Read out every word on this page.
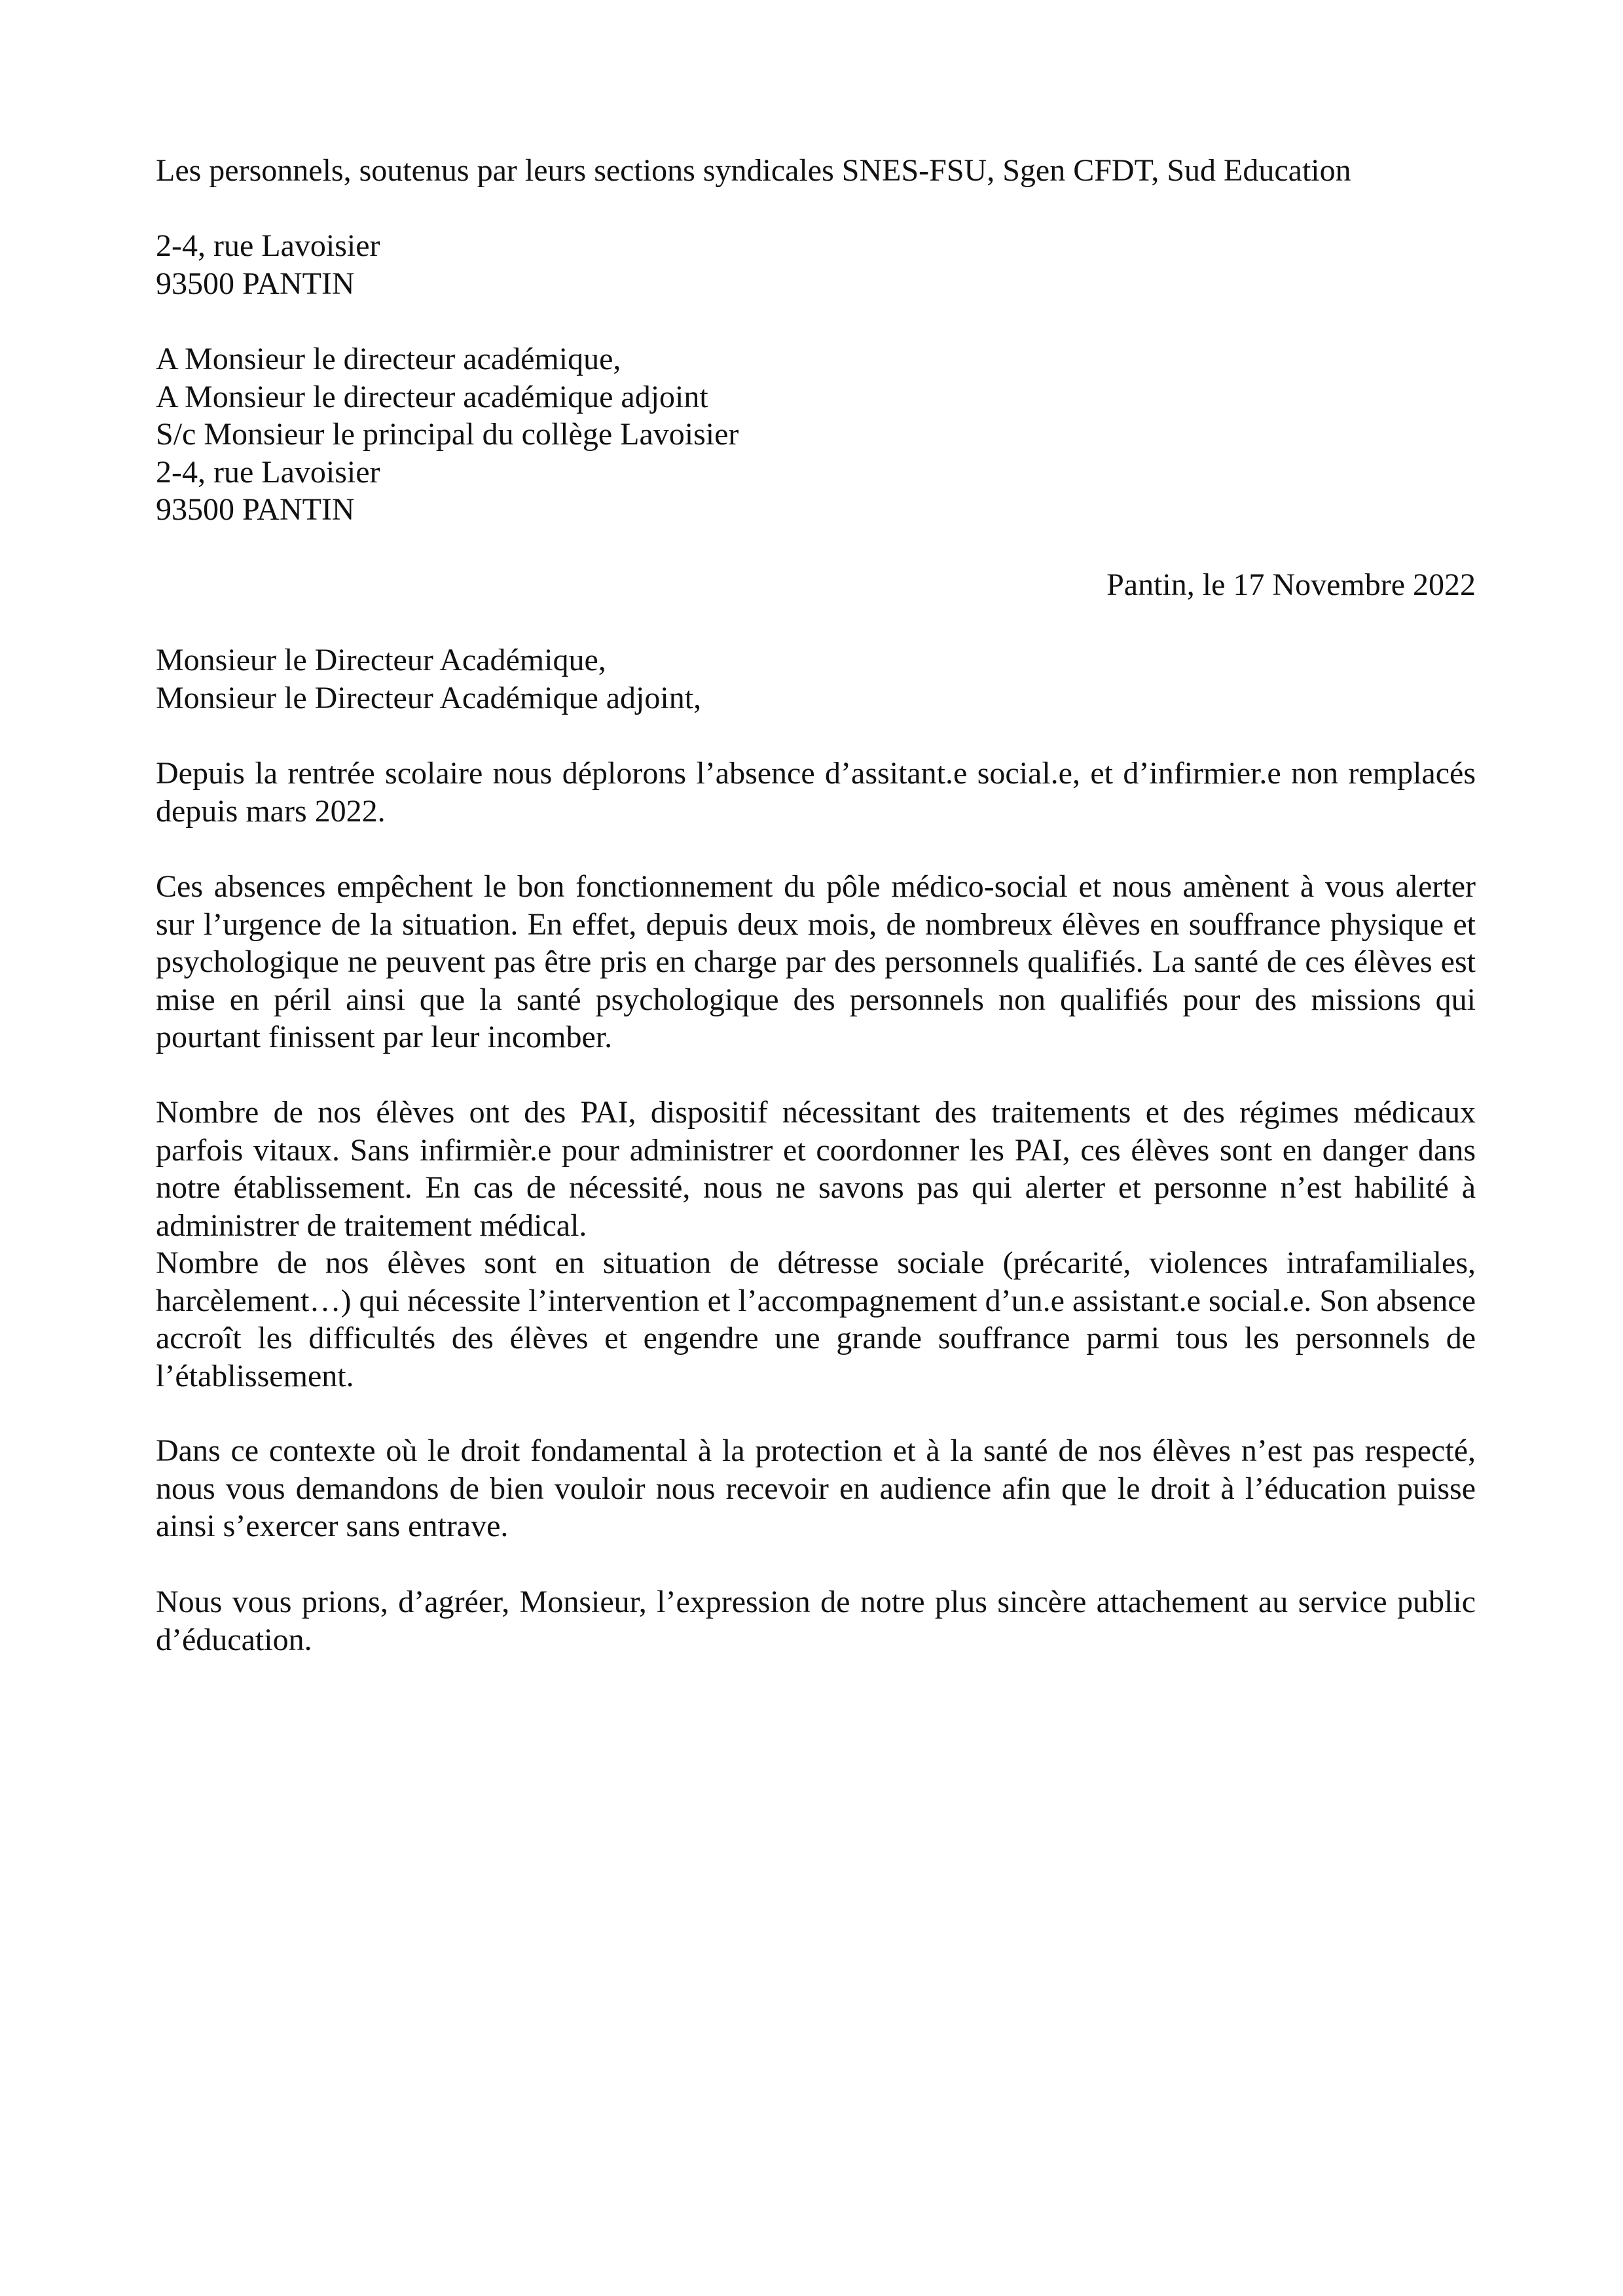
Les personnels, soutenus par leurs sections syndicales SNES-FSU, Sgen CFDT, Sud Education

2-4, rue Lavoisier
93500 PANTIN

A Monsieur le directeur académique,
A Monsieur le directeur académique adjoint
S/c Monsieur le principal du collège Lavoisier
2-4, rue Lavoisier
93500 PANTIN

Pantin, le 17 Novembre 2022

Monsieur le Directeur Académique,
Monsieur le Directeur Académique adjoint,

Depuis la rentrée scolaire nous déplorons l’absence d’assitant.e social.e, et d’infirmier.e non remplacés depuis mars 2022.

Ces absences empêchent le bon fonctionnement du pôle médico-social et nous amènent à vous alerter sur l’urgence de la situation. En effet, depuis deux mois, de nombreux élèves en souffrance physique et psychologique ne peuvent pas être pris en charge par des personnels qualifiés. La santé de ces élèves est mise en péril ainsi que la santé psychologique des personnels non qualifiés pour des missions qui pourtant finissent par leur incomber.

Nombre de nos élèves ont des PAI, dispositif nécessitant des traitements et des régimes médicaux parfois vitaux. Sans infirmièr.e pour administrer et coordonner les PAI, ces élèves sont en danger dans notre établissement. En cas de nécessité, nous ne savons pas qui alerter et personne n’est habilité à administrer de traitement médical.

Nombre de nos élèves sont en situation de détresse sociale (précarité, violences intrafamiliales, harcèlement…) qui nécessite l’intervention et l’accompagnement d’un.e assistant.e social.e. Son absence accroît les difficultés des élèves et engendre une grande souffrance parmi tous les personnels de l’établissement.

Dans ce contexte où le droit fondamental à la protection et à la santé de nos élèves n’est pas respecté, nous vous demandons de bien vouloir nous recevoir en audience afin que le droit à l’éducation puisse ainsi s’exercer sans entrave.

Nous vous prions, d’agréer, Monsieur, l’expression de notre plus sincère attachement au service public d’éducation.
